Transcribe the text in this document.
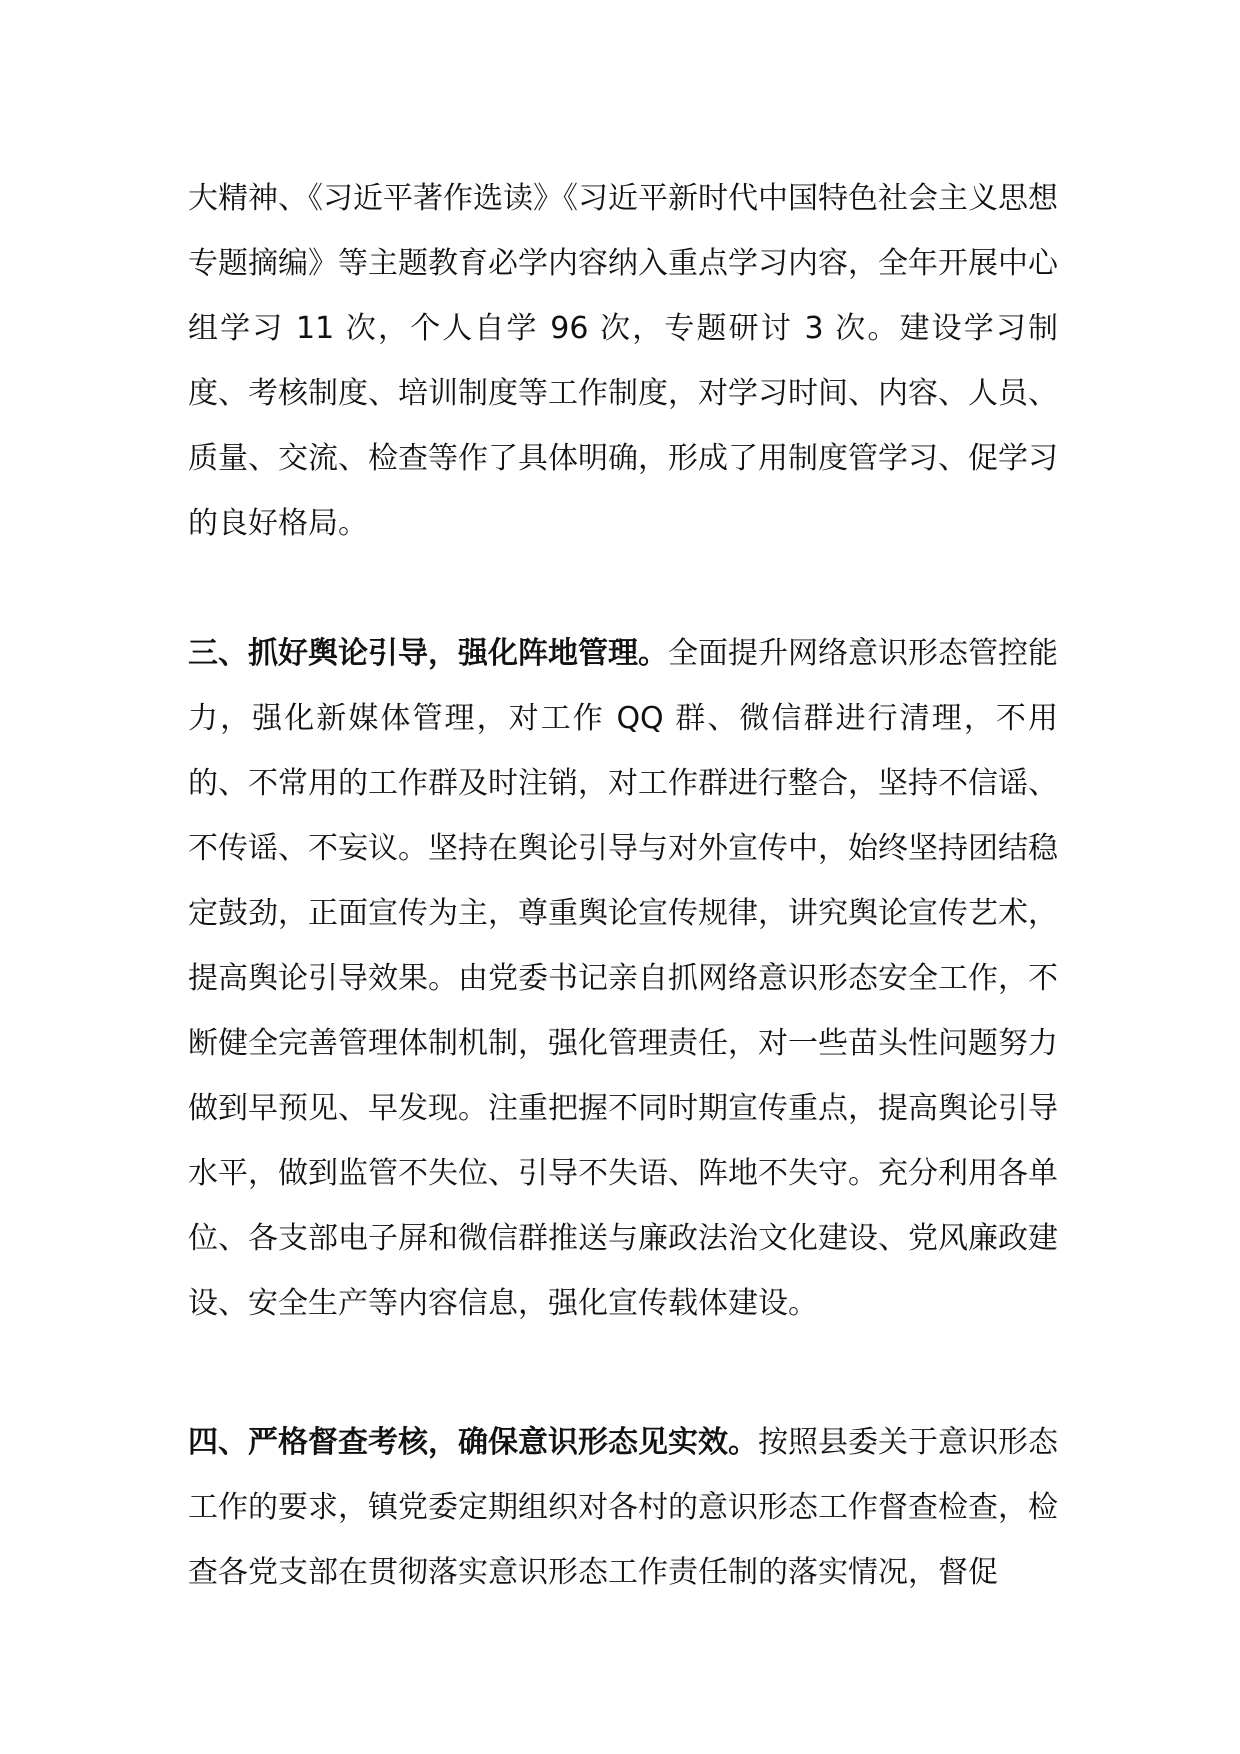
大精神、《习近平著作选读》《习近平新时代中国特色社会主义思想专题摘编》等主题教育必学内容纳入重点学习内容，全年开展中心组学习 11 次，个人自学 96 次，专题研讨 3 次。建设学习制度、考核制度、培训制度等工作制度，对学习时间、内容、人员、质量、交流、检查等作了具体明确，形成了用制度管学习、促学习的良好格局。

三、抓好舆论引导，强化阵地管理。全面提升网络意识形态管控能力，强化新媒体管理，对工作 QQ 群、微信群进行清理，不用的、不常用的工作群及时注销，对工作群进行整合，坚持不信谣、不传谣、不妄议。坚持在舆论引导与对外宣传中，始终坚持团结稳定鼓劲，正面宣传为主，尊重舆论宣传规律，讲究舆论宣传艺术，提高舆论引导效果。由党委书记亲自抓网络意识形态安全工作，不断健全完善管理体制机制，强化管理责任，对一些苗头性问题努力做到早预见、早发现。注重把握不同时期宣传重点，提高舆论引导水平，做到监管不失位、引导不失语、阵地不失守。充分利用各单位、各支部电子屏和微信群推送与廉政法治文化建设、党风廉政建设、安全生产等内容信息，强化宣传载体建设。

四、严格督查考核，确保意识形态见实效。按照县委关于意识形态工作的要求，镇党委定期组织对各村的意识形态工作督查检查，检查各党支部在贯彻落实意识形态工作责任制的落实情况，督促
